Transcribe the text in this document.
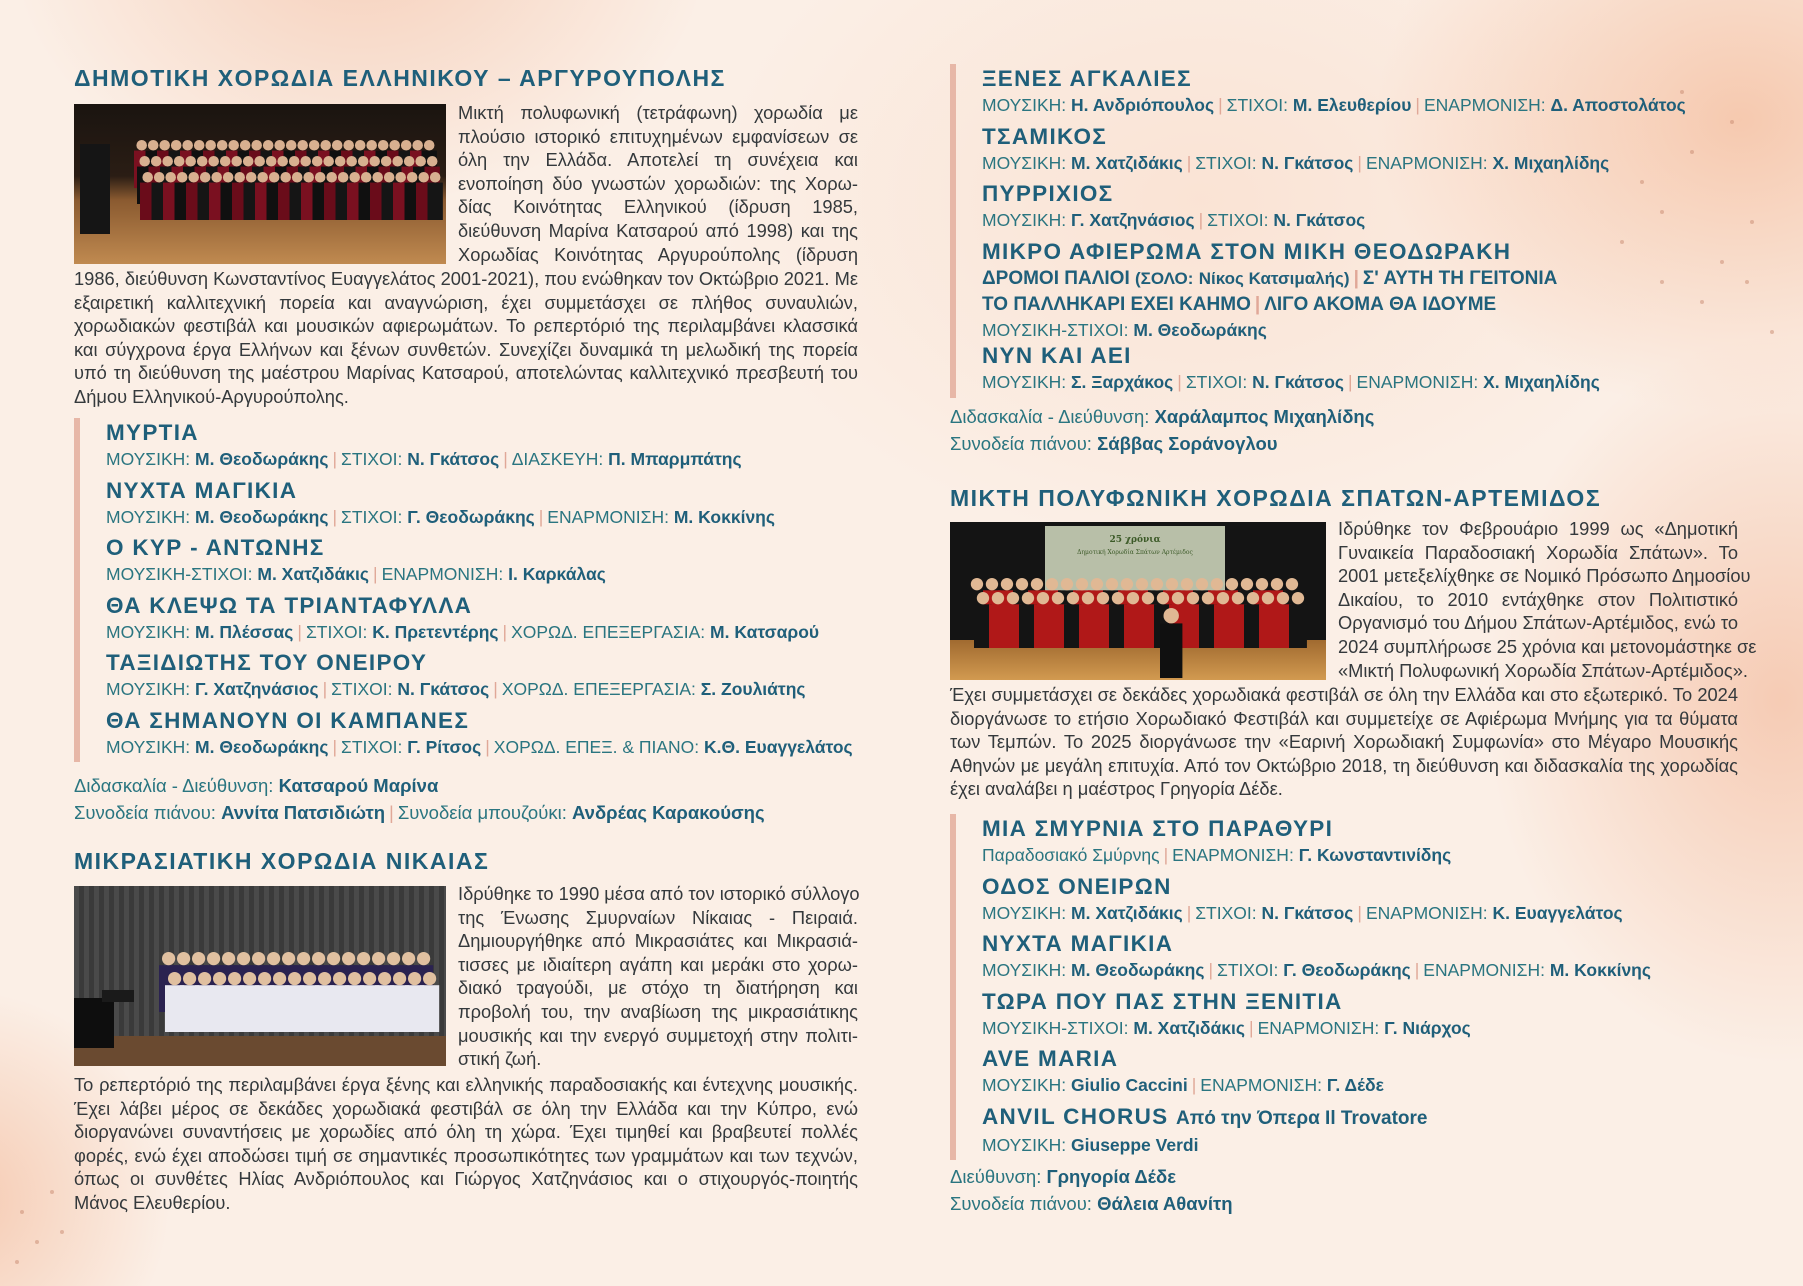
ΔΗΜΟΤΙΚΗ ΧΟΡΩΔΙΑ ΕΛΛΗΝΙΚΟΥ – ΑΡΓΥΡΟΥΠΟΛΗΣ
Μικτή πολυφωνική (τετράφωνη) χορωδία με
πλούσιο ιστορικό επιτυχημένων εμφανίσεων σε
όλη την Ελλάδα. Αποτελεί τη συνέχεια και
ενοποίηση δύο γνωστών χορωδιών: της Χορω-
δίας Κοινότητας Ελληνικού (ίδρυση 1985,
διεύθυνση Μαρίνα Κατσαρού από 1998) και της
Χορωδίας Κοινότητας Αργυρούπολης (ίδρυση

1986, διεύθυνση Κωνσταντίνος Ευαγγελάτος 2001-2021), που ενώθηκαν τον Οκτώβριο 2021. Με εξαιρετική καλλιτεχνική πορεία και αναγνώριση, έχει συμμετάσχει σε πλήθος συναυλιών, χορωδιακών φεστιβάλ και μουσικών αφιερωμάτων. Το ρεπερτόριό της περιλαμβάνει κλασσικά και σύγχρονα έργα Ελλήνων και ξένων συνθετών. Συνεχίζει δυναμικά τη μελωδική της πορεία υπό τη διεύθυνση της μαέστρου Μαρίνας Κατσαρού, αποτελώντας καλλιτεχνικό πρεσβευτή του Δήμου Ελληνικού-Αργυρούπολης.

ΜΥΡΤΙΑ
ΜΟΥΣΙΚΗ: Μ. Θεοδωράκης | ΣΤΙΧΟΙ: Ν. Γκάτσος | ΔΙΑΣΚΕΥΗ: Π. Μπαρμπάτης
ΝΥΧΤΑ ΜΑΓΙΚΙΑ
ΜΟΥΣΙΚΗ: Μ. Θεοδωράκης | ΣΤΙΧΟΙ: Γ. Θεοδωράκης | ΕΝΑΡΜΟΝΙΣΗ: Μ. Κοκκίνης
Ο ΚΥΡ - ΑΝΤΩΝΗΣ
ΜΟΥΣΙΚΗ-ΣΤΙΧΟΙ: Μ. Χατζιδάκις | ΕΝΑΡΜΟΝΙΣΗ: Ι. Καρκάλας
ΘΑ ΚΛΕΨΩ ΤΑ ΤΡΙΑΝΤΑΦΥΛΛΑ
ΜΟΥΣΙΚΗ: Μ. Πλέσσας | ΣΤΙΧΟΙ: Κ. Πρετεντέρης | ΧΟΡΩΔ. ΕΠΕΞΕΡΓΑΣΙΑ: Μ. Κατσαρού
ΤΑΞΙΔΙΩΤΗΣ ΤΟΥ ΟΝΕΙΡΟΥ
ΜΟΥΣΙΚΗ: Γ. Χατζηνάσιος | ΣΤΙΧΟΙ: Ν. Γκάτσος | ΧΟΡΩΔ. ΕΠΕΞΕΡΓΑΣΙΑ: Σ. Ζουλιάτης
ΘΑ ΣΗΜΑΝΟΥΝ ΟΙ ΚΑΜΠΑΝΕΣ
ΜΟΥΣΙΚΗ: Μ. Θεοδωράκης | ΣΤΙΧΟΙ: Γ. Ρίτσος | ΧΟΡΩΔ. ΕΠΕΞ. & ΠΙΑΝΟ: Κ.Θ. Ευαγγελάτος
Διδασκαλία - Διεύθυνση: Κατσαρού Μαρίνα
Συνοδεία πιάνου: Αννίτα Πατσιδιώτη | Συνοδεία μπουζούκι: Ανδρέας Καρακούσης
ΜΙΚΡΑΣΙΑΤΙΚΗ ΧΟΡΩΔΙΑ ΝΙΚΑΙΑΣ
Ιδρύθηκε το 1990 μέσα από τον ιστορικό σύλλογο
της Ένωσης Σμυρναίων Νίκαιας - Πειραιά.
Δημιουργήθηκε από Μικρασιάτες και Μικρασιά-
τισσες με ιδιαίτερη αγάπη και μεράκι στο χορω-
διακό τραγούδι, με στόχο τη διατήρηση και
προβολή του, την αναβίωση της μικρασιάτικης
μουσικής και την ενεργό συμμετοχή στην πολιτι-
στική ζωή.

Το ρεπερτόριό της περιλαμβάνει έργα ξένης και ελληνικής παραδοσιακής και έντεχνης μουσικής. Έχει λάβει μέρος σε δεκάδες χορωδιακά φεστιβάλ σε όλη την Ελλάδα και την Κύπρο, ενώ διοργανώνει συναντήσεις με χορωδίες από όλη τη χώρα. Έχει τιμηθεί και βραβευτεί πολλές φορές, ενώ έχει αποδώσει τιμή σε σημαντικές προσωπικότητες των γραμμάτων και των τεχνών, όπως οι συνθέτες Ηλίας Ανδριόπουλος και Γιώργος Χατζηνάσιος και ο στιχουργός-ποιητής Μάνος Ελευθερίου.

ΞΕΝΕΣ ΑΓΚΑΛΙΕΣ
ΜΟΥΣΙΚΗ: Η. Ανδριόπουλος | ΣΤΙΧΟΙ: Μ. Ελευθερίου | ΕΝΑΡΜΟΝΙΣΗ: Δ. Αποστολάτος
ΤΣΑΜΙΚΟΣ
ΜΟΥΣΙΚΗ: Μ. Χατζιδάκις | ΣΤΙΧΟΙ: Ν. Γκάτσος | ΕΝΑΡΜΟΝΙΣΗ: Χ. Μιχαηλίδης
ΠΥΡΡΙΧΙΟΣ
ΜΟΥΣΙΚΗ: Γ. Χατζηνάσιος | ΣΤΙΧΟΙ: Ν. Γκάτσος
ΜΙΚΡΟ ΑΦΙΕΡΩΜΑ ΣΤΟΝ ΜΙΚΗ ΘΕΟΔΩΡΑΚΗ
ΔΡΟΜΟΙ ΠΑΛΙΟΙ (ΣΟΛΟ: Νίκος Κατσιμαλής) | Σ' ΑΥΤΗ ΤΗ ΓΕΙΤΟΝΙΑ
ΤΟ ΠΑΛΛΗΚΑΡΙ ΕΧΕΙ ΚΑΗΜΟ | ΛΙΓΟ ΑΚΟΜΑ ΘΑ ΙΔΟΥΜΕ
ΜΟΥΣΙΚΗ-ΣΤΙΧΟΙ: Μ. Θεοδωράκης
ΝΥΝ ΚΑΙ ΑΕΙ
ΜΟΥΣΙΚΗ: Σ. Ξαρχάκος | ΣΤΙΧΟΙ: Ν. Γκάτσος | ΕΝΑΡΜΟΝΙΣΗ: Χ. Μιχαηλίδης
Διδασκαλία - Διεύθυνση: Χαράλαμπος Μιχαηλίδης
Συνοδεία πιάνου: Σάββας Σοράνογλου
ΜΙΚΤΗ ΠΟΛΥΦΩΝΙΚΗ ΧΟΡΩΔΙΑ ΣΠΑΤΩΝ-ΑΡΤΕΜΙΔΟΣ
25 χρόνια
Δημοτική Χορωδία Σπάτων Αρτέμιδος
Ιδρύθηκε τον Φεβρουάριο 1999 ως «Δημοτική
Γυναικεία Παραδοσιακή Χορωδία Σπάτων». Το
2001 μετεξελίχθηκε σε Νομικό Πρόσωπο Δημοσίου
Δικαίου, το 2010 εντάχθηκε στον Πολιτιστικό
Οργανισμό του Δήμου Σπάτων-Αρτέμιδος, ενώ το
2024 συμπλήρωσε 25 χρόνια και μετονομάστηκε σε
«Μικτή Πολυφωνική Χορωδία Σπάτων-Αρτέμιδος».

Έχει συμμετάσχει σε δεκάδες χορωδιακά φεστιβάλ σε όλη την Ελλάδα και στο εξωτερικό. Το 2024 διοργάνωσε το ετήσιο Χορωδιακό Φεστιβάλ και συμμετείχε σε Αφιέρωμα Μνήμης για τα θύματα των Τεμπών. Το 2025 διοργάνωσε την «Εαρινή Χορωδιακή Συμφωνία» στο Μέγαρο Μουσικής Αθηνών με μεγάλη επιτυχία. Από τον Οκτώβριο 2018, τη διεύθυνση και διδασκαλία της χορωδίας έχει αναλάβει η μαέστρος Γρηγορία Δέδε.

ΜΙΑ ΣΜΥΡΝΙΑ ΣΤΟ ΠΑΡΑΘΥΡΙ
Παραδοσιακό Σμύρνης | ΕΝΑΡΜΟΝΙΣΗ: Γ. Κωνσταντινίδης
ΟΔΟΣ ΟΝΕΙΡΩΝ
ΜΟΥΣΙΚΗ: Μ. Χατζιδάκις | ΣΤΙΧΟΙ: Ν. Γκάτσος | ΕΝΑΡΜΟΝΙΣΗ: Κ. Ευαγγελάτος
ΝΥΧΤΑ ΜΑΓΙΚΙΑ
ΜΟΥΣΙΚΗ: Μ. Θεοδωράκης | ΣΤΙΧΟΙ: Γ. Θεοδωράκης | ΕΝΑΡΜΟΝΙΣΗ: Μ. Κοκκίνης
ΤΩΡΑ ΠΟΥ ΠΑΣ ΣΤΗΝ ΞΕΝΙΤΙΑ
ΜΟΥΣΙΚΗ-ΣΤΙΧΟΙ: Μ. Χατζιδάκις | ΕΝΑΡΜΟΝΙΣΗ: Γ. Νιάρχος
AVE MARIA
ΜΟΥΣΙΚΗ: Giulio Caccini | ΕΝΑΡΜΟΝΙΣΗ: Γ. Δέδε
ANVIL CHORUS Από την Όπερα Il Trovatore
ΜΟΥΣΙΚΗ: Giuseppe Verdi
Διεύθυνση: Γρηγορία Δέδε
Συνοδεία πιάνου: Θάλεια Αθανίτη
